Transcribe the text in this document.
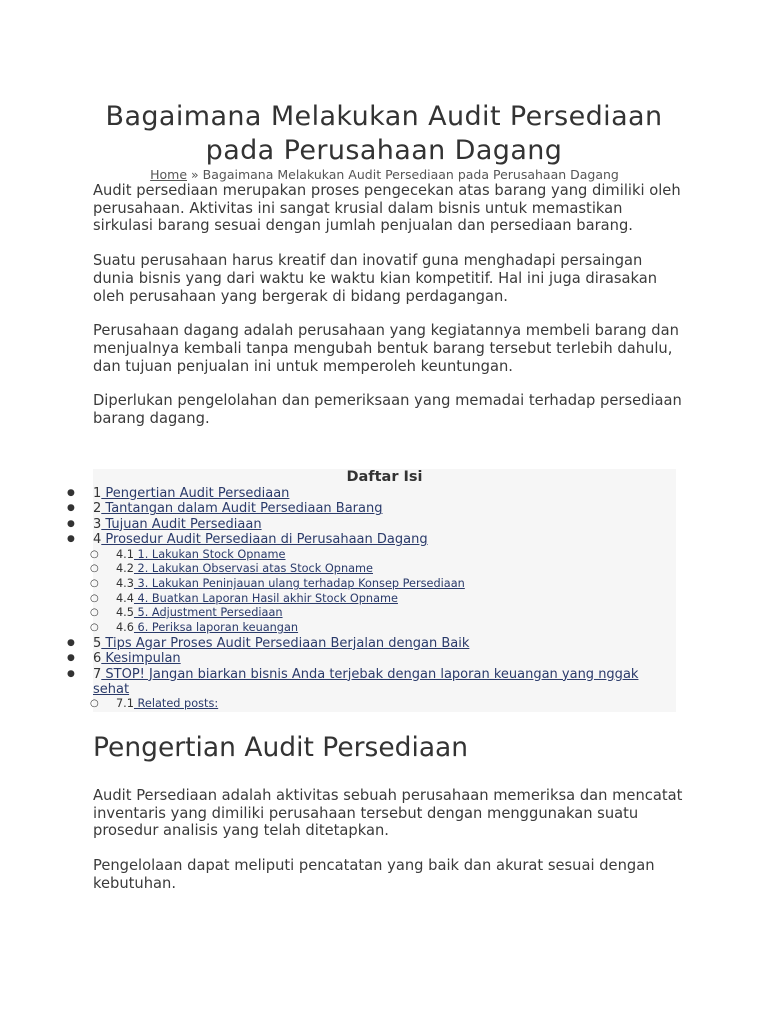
Bagaimana Melakukan Audit Persediaan pada Perusahaan Dagang
Home » Bagaimana Melakukan Audit Persediaan pada Perusahaan Dagang

Audit persediaan merupakan proses pengecekan atas barang yang dimiliki oleh perusahaan. Aktivitas ini sangat krusial dalam bisnis untuk memastikan sirkulasi barang sesuai dengan jumlah penjualan dan persediaan barang.

Suatu perusahaan harus kreatif dan inovatif guna menghadapi persaingan dunia bisnis yang dari waktu ke waktu kian kompetitif. Hal ini juga dirasakan oleh perusahaan yang bergerak di bidang perdagangan.

Perusahaan dagang adalah perusahaan yang kegiatannya membeli barang dan menjualnya kembali tanpa mengubah bentuk barang tersebut terlebih dahulu, dan tujuan penjualan ini untuk memperoleh keuntungan.

Diperlukan pengelolahan dan pemeriksaan yang memadai terhadap persediaan barang dagang.

Daftar Isi
● 1 Pengertian Audit Persediaan
● 2 Tantangan dalam Audit Persediaan Barang
● 3 Tujuan Audit Persediaan
● 4 Prosedur Audit Persediaan di Perusahaan Dagang
○ 4.1 1. Lakukan Stock Opname
○ 4.2 2. Lakukan Observasi atas Stock Opname
○ 4.3 3. Lakukan Peninjauan ulang terhadap Konsep Persediaan
○ 4.4 4. Buatkan Laporan Hasil akhir Stock Opname
○ 4.5 5. Adjustment Persediaan
○ 4.6 6. Periksa laporan keuangan
● 5 Tips Agar Proses Audit Persediaan Berjalan dengan Baik
● 6 Kesimpulan
● 7 STOP! Jangan biarkan bisnis Anda terjebak dengan laporan keuangan yang nggak sehat
○ 7.1 Related posts:
Pengertian Audit Persediaan

Audit Persediaan adalah aktivitas sebuah perusahaan memeriksa dan mencatat inventaris yang dimiliki perusahaan tersebut dengan menggunakan suatu prosedur analisis yang telah ditetapkan.

Pengelolaan dapat meliputi pencatatan yang baik dan akurat sesuai dengan kebutuhan.
